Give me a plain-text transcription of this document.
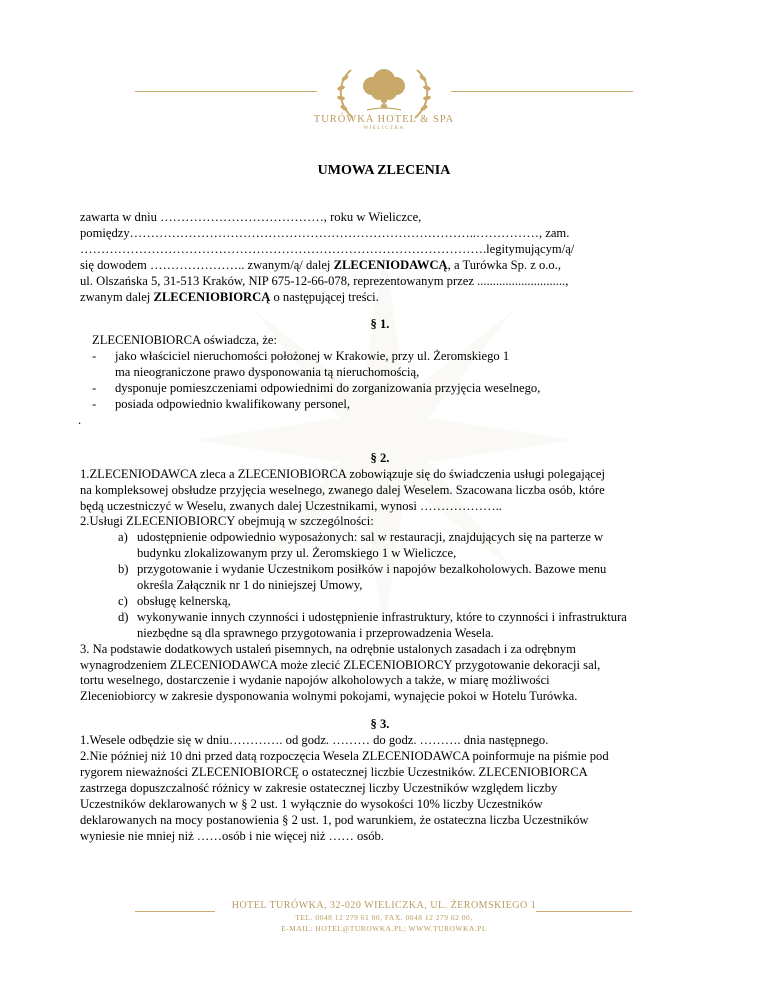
★★★★
TURÓWKA HOTEL & SPA
WIELICZKA
UMOWA ZLECENIA
zawarta w dniu …………………………………, roku w Wieliczce,
pomiędzy………………………………………………………………………..……………, zam.
…………………………………………………………………………………….legitymującym/ą/
się dowodem ………………….. zwanym/ą/ dalej ZLECENIODAWCĄ, a Turówka Sp. z o.o.,
ul. Olszańska 5, 31-513 Kraków, NIP 675-12-66-078, reprezentowanym przez ............................,
zwanym dalej ZLECENIOBIORCĄ o następującej treści.
§ 1.
ZLECENIOBIORCA oświadcza, że:
- jako właściciel nieruchomości położonej w Krakowie, przy ul. Żeromskiego 1
ma nieograniczone prawo dysponowania tą nieruchomością,
- dysponuje pomieszczeniami odpowiednimi do zorganizowania przyjęcia weselnego,
- posiada odpowiednio kwalifikowany personel,
.
§ 2.
1.ZLECENIODAWCA zleca a ZLECENIOBIORCA zobowiązuje się do świadczenia usługi polegającej
na kompleksowej obsłudze przyjęcia weselnego, zwanego dalej Weselem. Szacowana liczba osób, które
będą uczestniczyć w Weselu, zwanych dalej Uczestnikami, wynosi ………………..
2.Usługi ZLECENIOBIORCY obejmują w szczególności:
a) udostępnienie odpowiednio wyposażonych: sal w restauracji, znajdujących się na parterze w
budynku zlokalizowanym przy ul. Żeromskiego 1 w Wieliczce,
b) przygotowanie i wydanie Uczestnikom posiłków i napojów bezalkoholowych. Bazowe menu
określa Załącznik nr 1 do niniejszej Umowy,
c) obsługę kelnerską,
d) wykonywanie innych czynności i udostępnienie infrastruktury, które to czynności i infrastruktura
niezbędne są dla sprawnego przygotowania i przeprowadzenia Wesela.
3. Na podstawie dodatkowych ustaleń pisemnych, na odrębnie ustalonych zasadach i za odrębnym
wynagrodzeniem ZLECENIODAWCA może zlecić ZLECENIOBIORCY przygotowanie dekoracji sal,
tortu weselnego, dostarczenie i wydanie napojów alkoholowych a także, w miarę możliwości
Zleceniobiorcy w zakresie dysponowania wolnymi pokojami, wynajęcie pokoi w Hotelu Turówka.
§ 3.
1.Wesele odbędzie się w dniu…………. od godz. ……… do godz. ………. dnia następnego.
2.Nie później niż 10 dni przed datą rozpoczęcia Wesela ZLECENIODAWCA poinformuje na piśmie pod
rygorem nieważności ZLECENIOBIORCĘ o ostatecznej liczbie Uczestników. ZLECENIOBIORCA
zastrzega dopuszczalność różnicy w zakresie ostatecznej liczby Uczestników względem liczby
Uczestników deklarowanych w § 2 ust. 1 wyłącznie do wysokości 10% liczby Uczestników
deklarowanych na mocy postanowienia § 2 ust. 1, pod warunkiem, że ostateczna liczba Uczestników
wyniesie nie mniej niż ……osób i nie więcej niż …… osób.
HOTEL TURÓWKA, 32-020 WIELICZKA, UL. ŻEROMSKIEGO 1
TEL. 0048 12 279 61 00, FAX. 0048 12 279 62 00,
E-MAIL: HOTEL@TUROWKA.PL; WWW.TUROWKA.PL
